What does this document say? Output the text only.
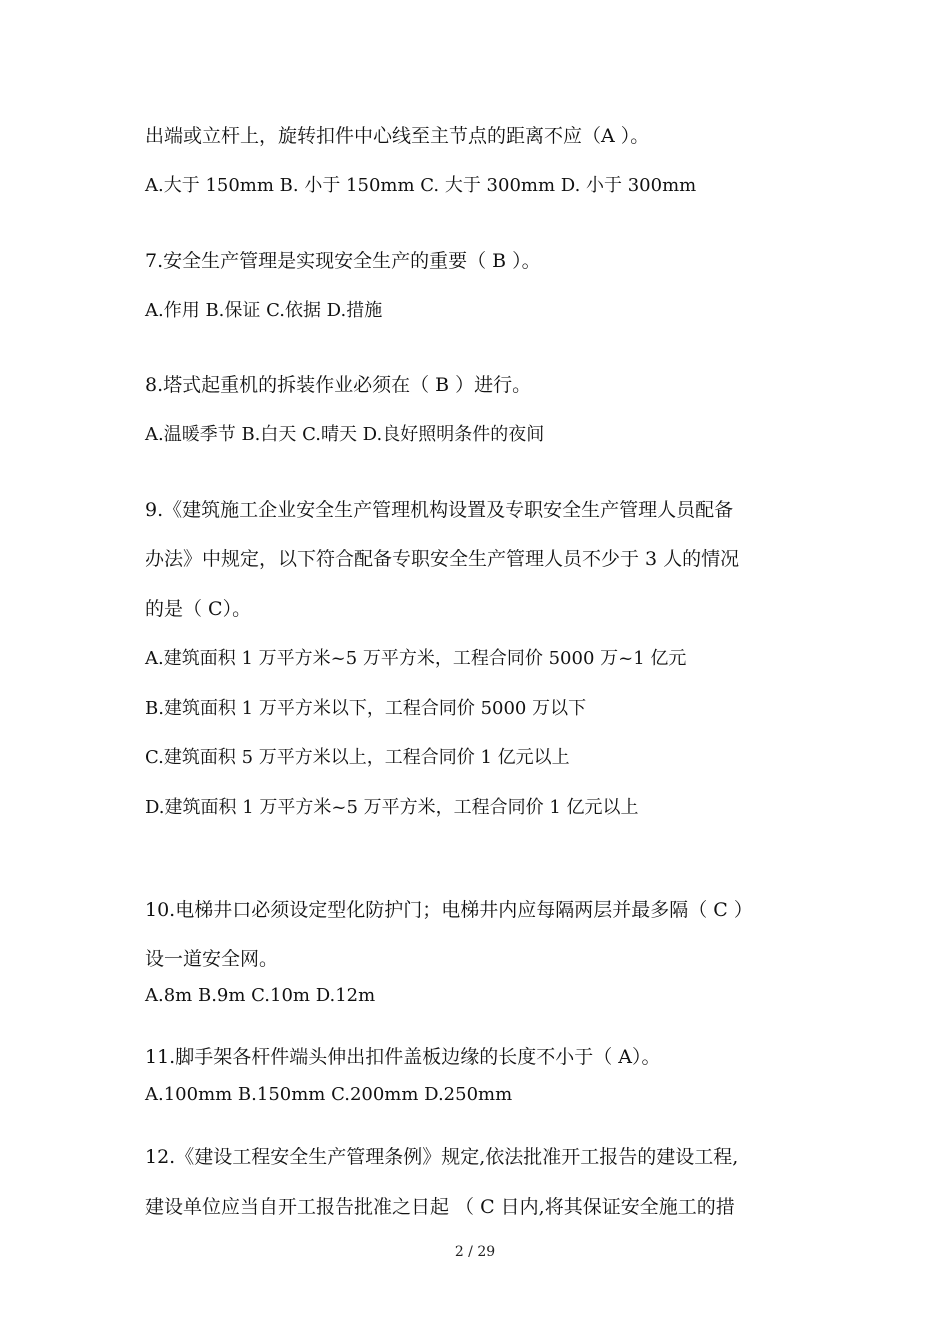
出端或立杆上，旋转扣件中心线至主节点的距离不应（A ）。

A.大于 150mm B. 小于 150mm C. 大于 300mm D. 小于 300mm

7.安全生产管理是实现安全生产的重要（ B ）。

A.作用 B.保证 C.依据 D.措施

8.塔式起重机的拆装作业必须在（ B ）进行。

A.温暖季节 B.白天 C.晴天 D.良好照明条件的夜间

9.《建筑施工企业安全生产管理机构设置及专职安全生产管理人员配备

办法》中规定，以下符合配备专职安全生产管理人员不少于 3 人的情况

的是（ C）。

A.建筑面积 1 万平方米~5 万平方米，工程合同价 5000 万~1 亿元

B.建筑面积 1 万平方米以下，工程合同价 5000 万以下

C.建筑面积 5 万平方米以上，工程合同价 1 亿元以上

D.建筑面积 1 万平方米~5 万平方米，工程合同价 1 亿元以上

10.电梯井口必须设定型化防护门；电梯井内应每隔两层并最多隔（ C ）

设一道安全网。

A.8m B.9m C.10m D.12m

11.脚手架各杆件端头伸出扣件盖板边缘的长度不小于（ A）。

A.100mm B.150mm C.200mm D.250mm

12.《建设工程安全生产管理条例》规定,依法批准开工报告的建设工程,

建设单位应当自开工报告批准之日起 （ C 日内,将其保证安全施工的措

2 / 29
